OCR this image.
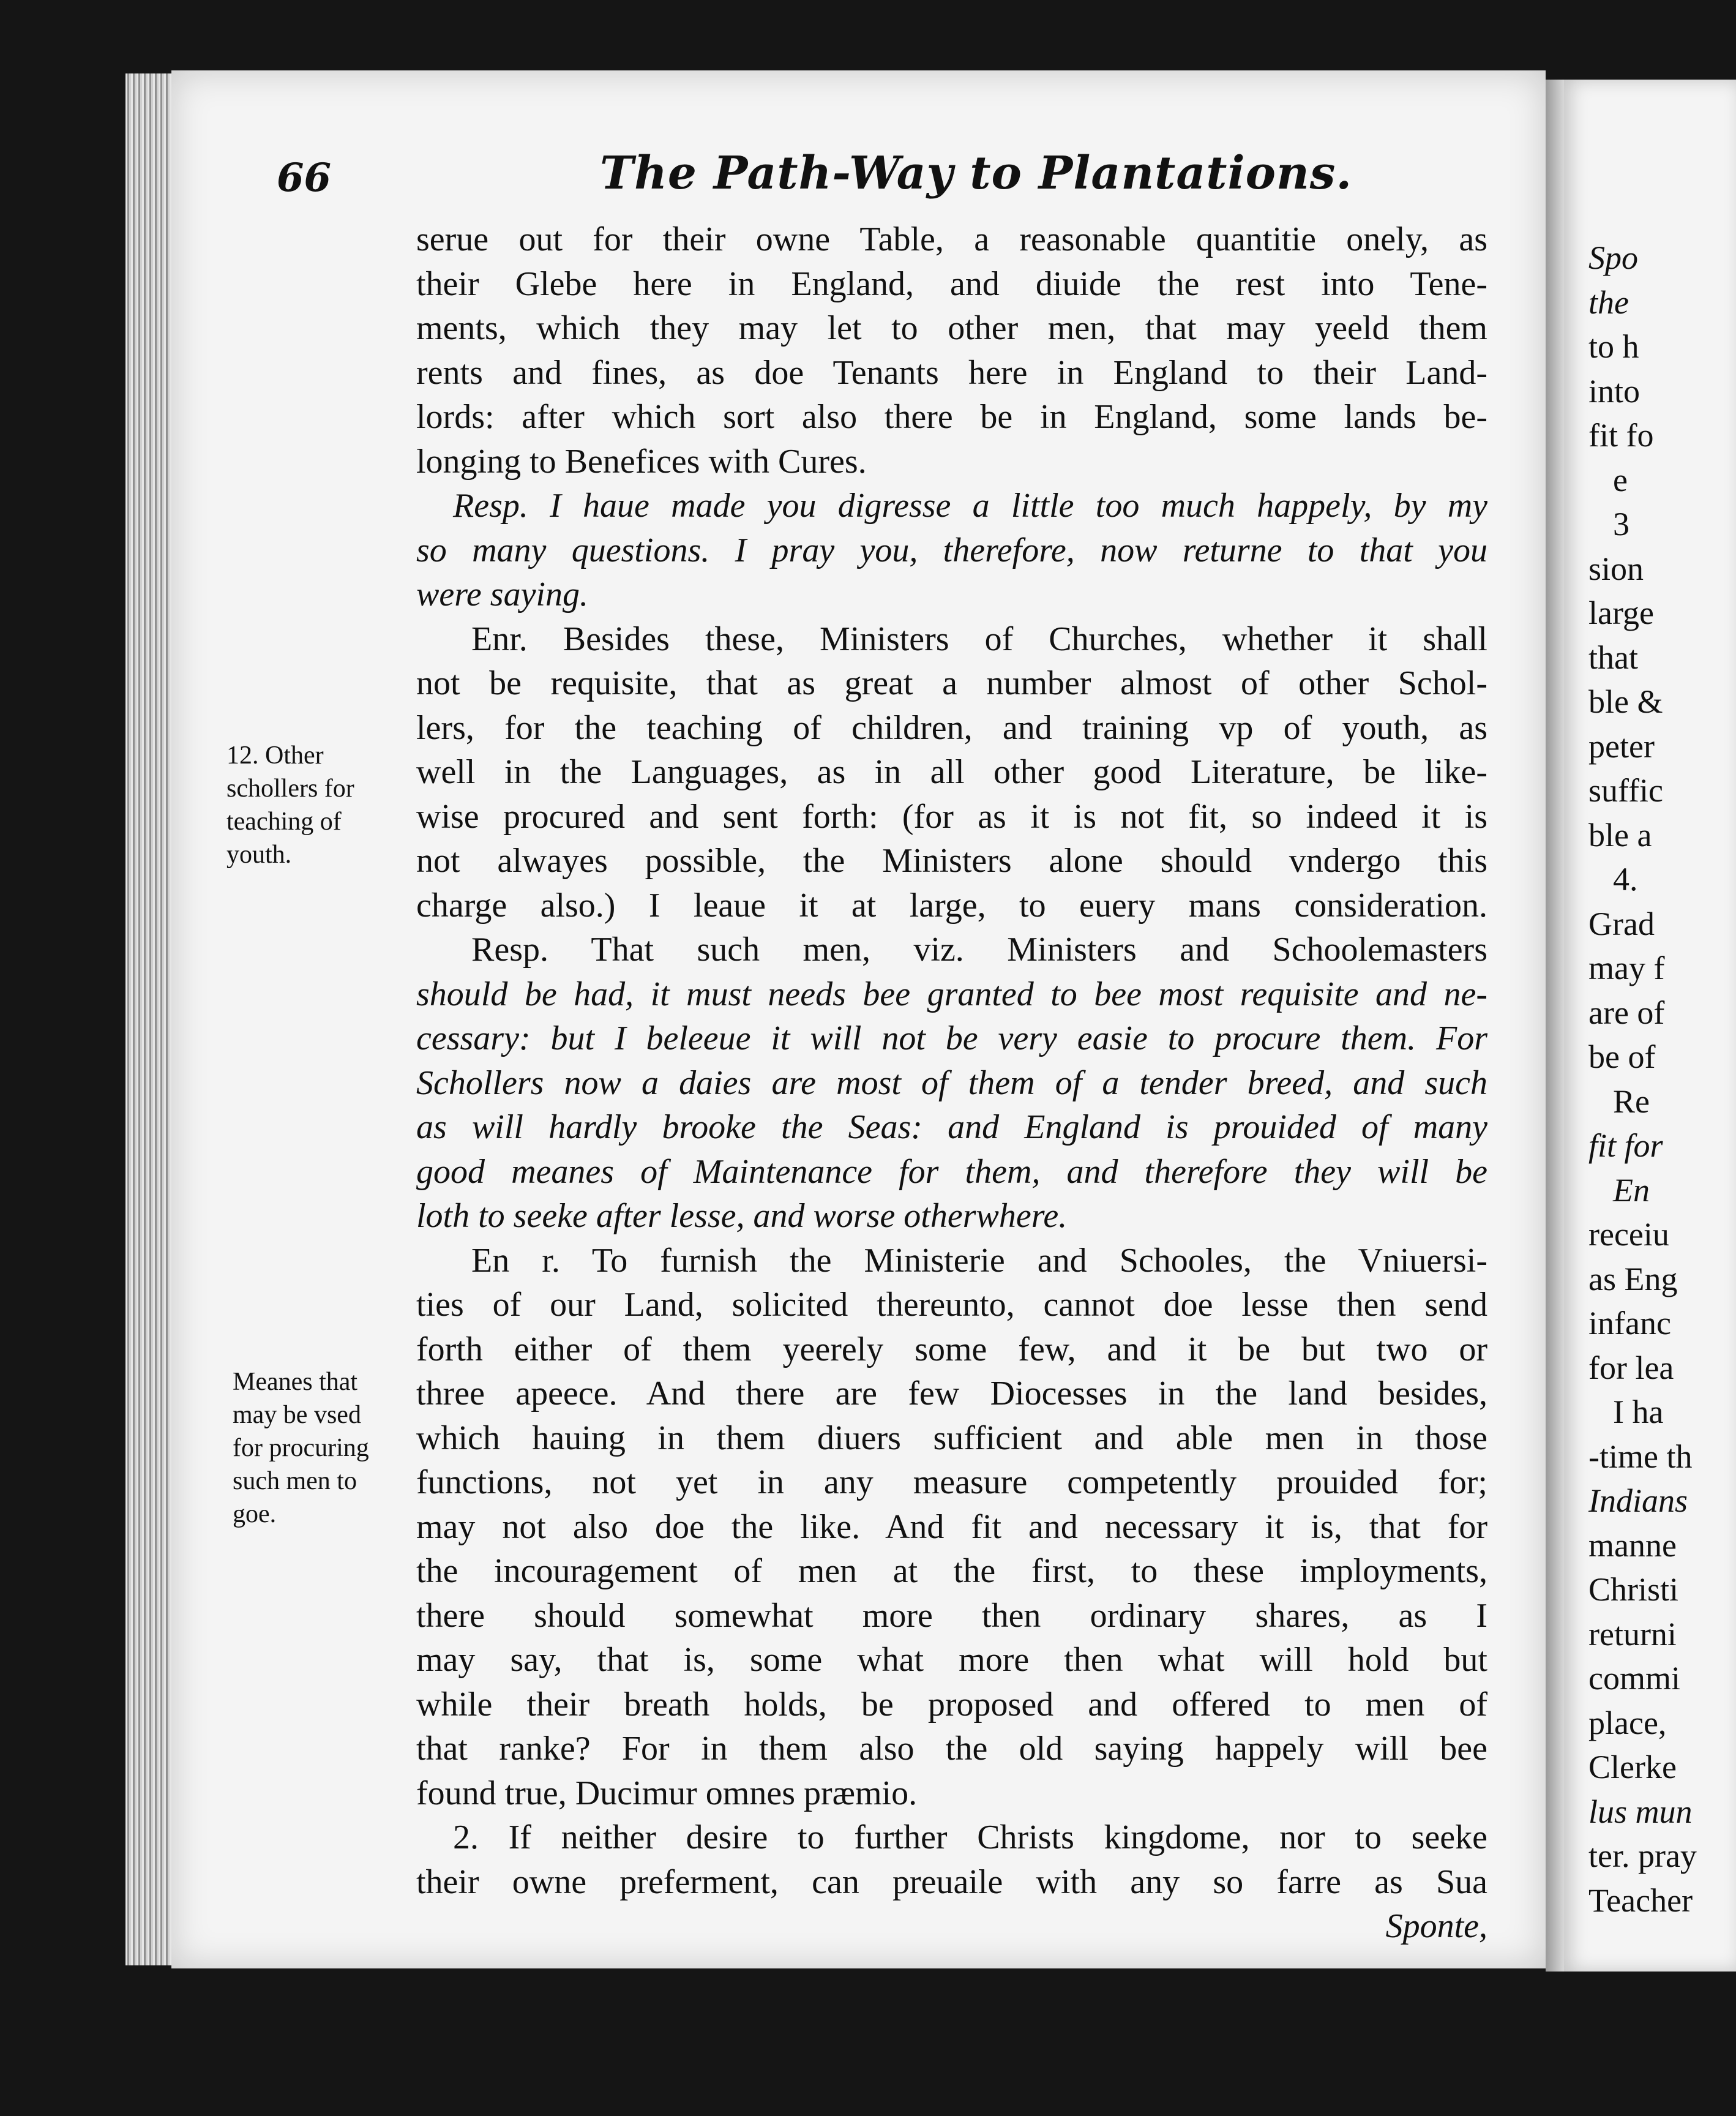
66	The Path-Way to Plantations.
12. Other
schollers for
teaching of
youth.
Meanes that
may be vsed
for procuring
such men to
goe.
serue out for their owne Table, a reasonable quantitie onely, as
their Glebe here in England, and diuide the rest into Tene-
ments, which they may let to other men, that may yeeld them
rents and fines, as doe Tenants here in England to their Land-
lords: after which sort also there be in England, some lands be-
longing to Benefices with Cures.
Resp. I haue made you digresse a little too much happely, by my
so many questions. I pray you, therefore, now returne to that you
were saying.
Enr. Besides these, Ministers of Churches, whether it shall
not be requisite, that as great a number almost of other Schol-
lers, for the teaching of children, and training vp of youth, as
well in the Languages, as in all other good Literature, be like-
wise procured and sent forth: (for as it is not fit, so indeed it is
not alwayes possible, the Ministers alone should vndergo this
charge also.) I leaue it at large, to euery mans consideration.
Resp. That such men, viz. Ministers and Schoolemasters
should be had, it must needs bee granted to bee most requisite and ne-
cessary: but I beleeue it will not be very easie to procure them. For
Schollers now a daies are most of them of a tender breed, and such
as will hardly brooke the Seas: and England is prouided of many
good meanes of Maintenance for them, and therefore they will be
loth to seeke after lesse, and worse otherwhere.
En r. To furnish the Ministerie and Schooles, the Vniuersi-
ties of our Land, solicited thereunto, cannot doe lesse then send
forth either of them yeerely some few, and it be but two or
three apeece. And there are few Diocesses in the land besides,
which hauing in them diuers sufficient and able men in those
functions, not yet in any measure competently prouided for;
may not also doe the like. And fit and necessary it is, that for
the incouragement of men at the first, to these imployments,
there should somewhat more then ordinary shares, as I
may say, that is, some what more then what will hold but
while their breath holds, be proposed and offered to men of
that ranke? For in them also the old saying happely will bee
found true, Ducimur omnes præmio.
2. If neither desire to further Christs kingdome, nor to seeke
their owne preferment, can preuaile with any so farre as Sua
Sponte,
Spo
the
to h
into
fit fo
e
3
sion
large
that
ble &
peter
suffic
ble a
4.
Grad
may f
are of
be of
Re
fit for
En
receiu
as Eng
infanc
for lea
I ha
-time th
Indians
manne
Christi
returni
commi
place,
Clerke
lus mun
ter. pray
Teacher
